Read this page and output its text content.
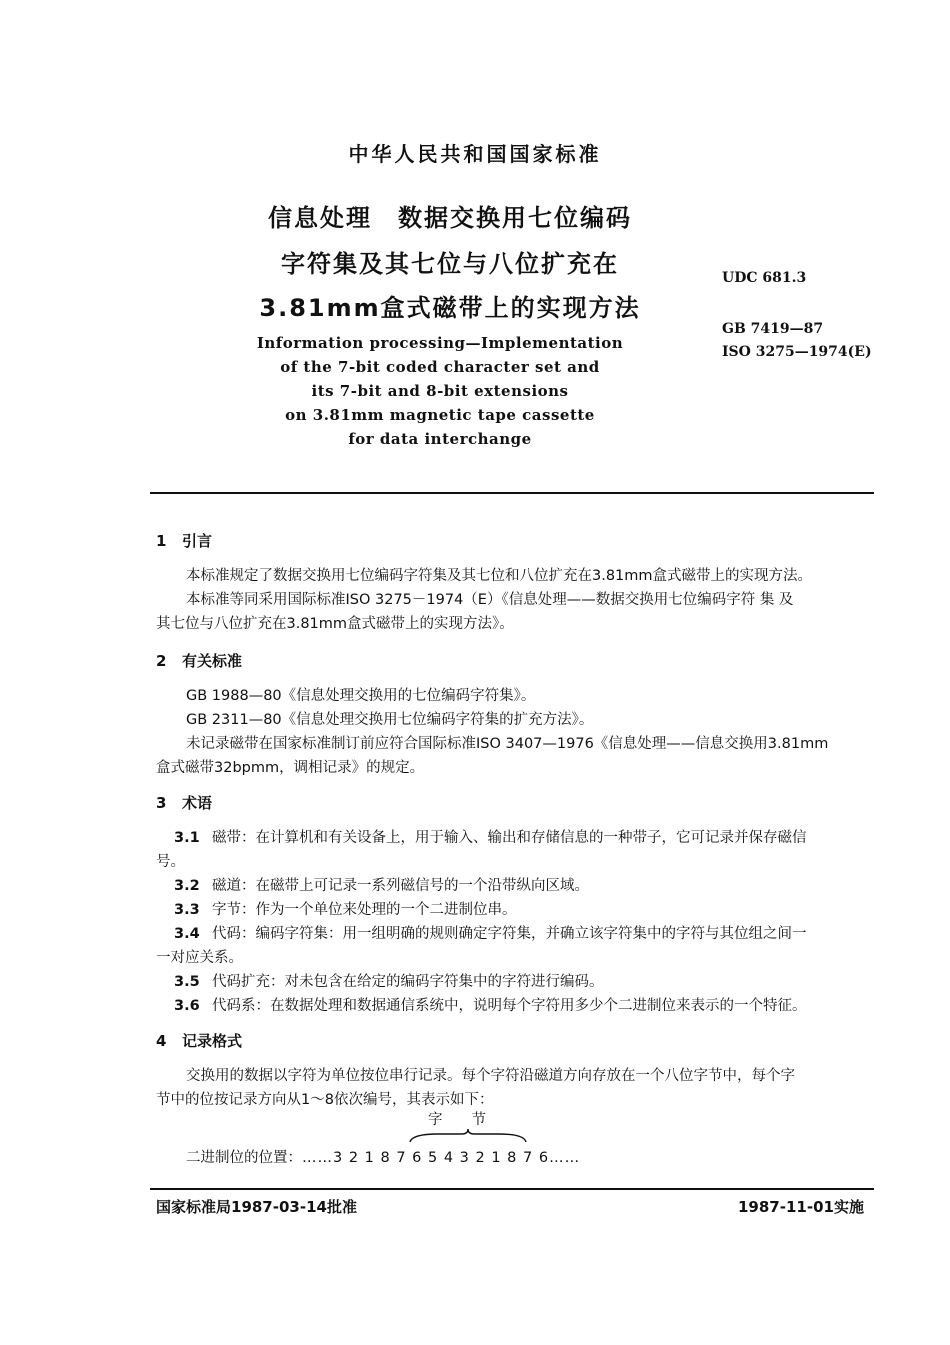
中华人民共和国国家标准
信息处理　数据交换用七位编码
字符集及其七位与八位扩充在
3.81mm盒式磁带上的实现方法
Information processing—Implementation
of the 7-bit coded character set and
its 7-bit and 8-bit extensions
on 3.81mm magnetic tape cassette
for data interchange
UDC 681.3
GB 7419—87
ISO 3275—1974(E)
1 引言
本标准规定了数据交换用七位编码字符集及其七位和八位扩充在3.81mm盒式磁带上的实现方法。
本标准等同采用国际标准ISO 3275－1974（E）《信息处理——数据交换用七位编码字符 集 及
其七位与八位扩充在3.81mm盒式磁带上的实现方法》。
2 有关标准
GB 1988—80《信息处理交换用的七位编码字符集》。
GB 2311—80《信息处理交换用七位编码字符集的扩充方法》。
未记录磁带在国家标准制订前应符合国际标准ISO 3407—1976《信息处理——信息交换用3.81mm
盒式磁带32bpmm，调相记录》的规定。
3 术语
3.1 磁带：在计算机和有关设备上，用于输入、输出和存储信息的一种带子，它可记录并保存磁信
号。
3.2 磁道：在磁带上可记录一系列磁信号的一个沿带纵向区域。
3.3 字节：作为一个单位来处理的一个二进制位串。
3.4 代码：编码字符集：用一组明确的规则确定字符集，并确立该字符集中的字符与其位组之间一
一对应关系。
3.5 代码扩充：对未包含在给定的编码字符集中的字符进行编码。
3.6 代码系：在数据处理和数据通信系统中，说明每个字符用多少个二进制位来表示的一个特征。
4 记录格式
交换用的数据以字符为单位按位串行记录。每个字符沿磁道方向存放在一个八位字节中，每个字
节中的位按记录方向从1～8依次编号，其表示如下：
字　　节
二进制位的位置：……3 2 1 8 7 6 5 4 3 2 1 8 7 6……
国家标准局1987-03-14批准	1987-11-01实施
